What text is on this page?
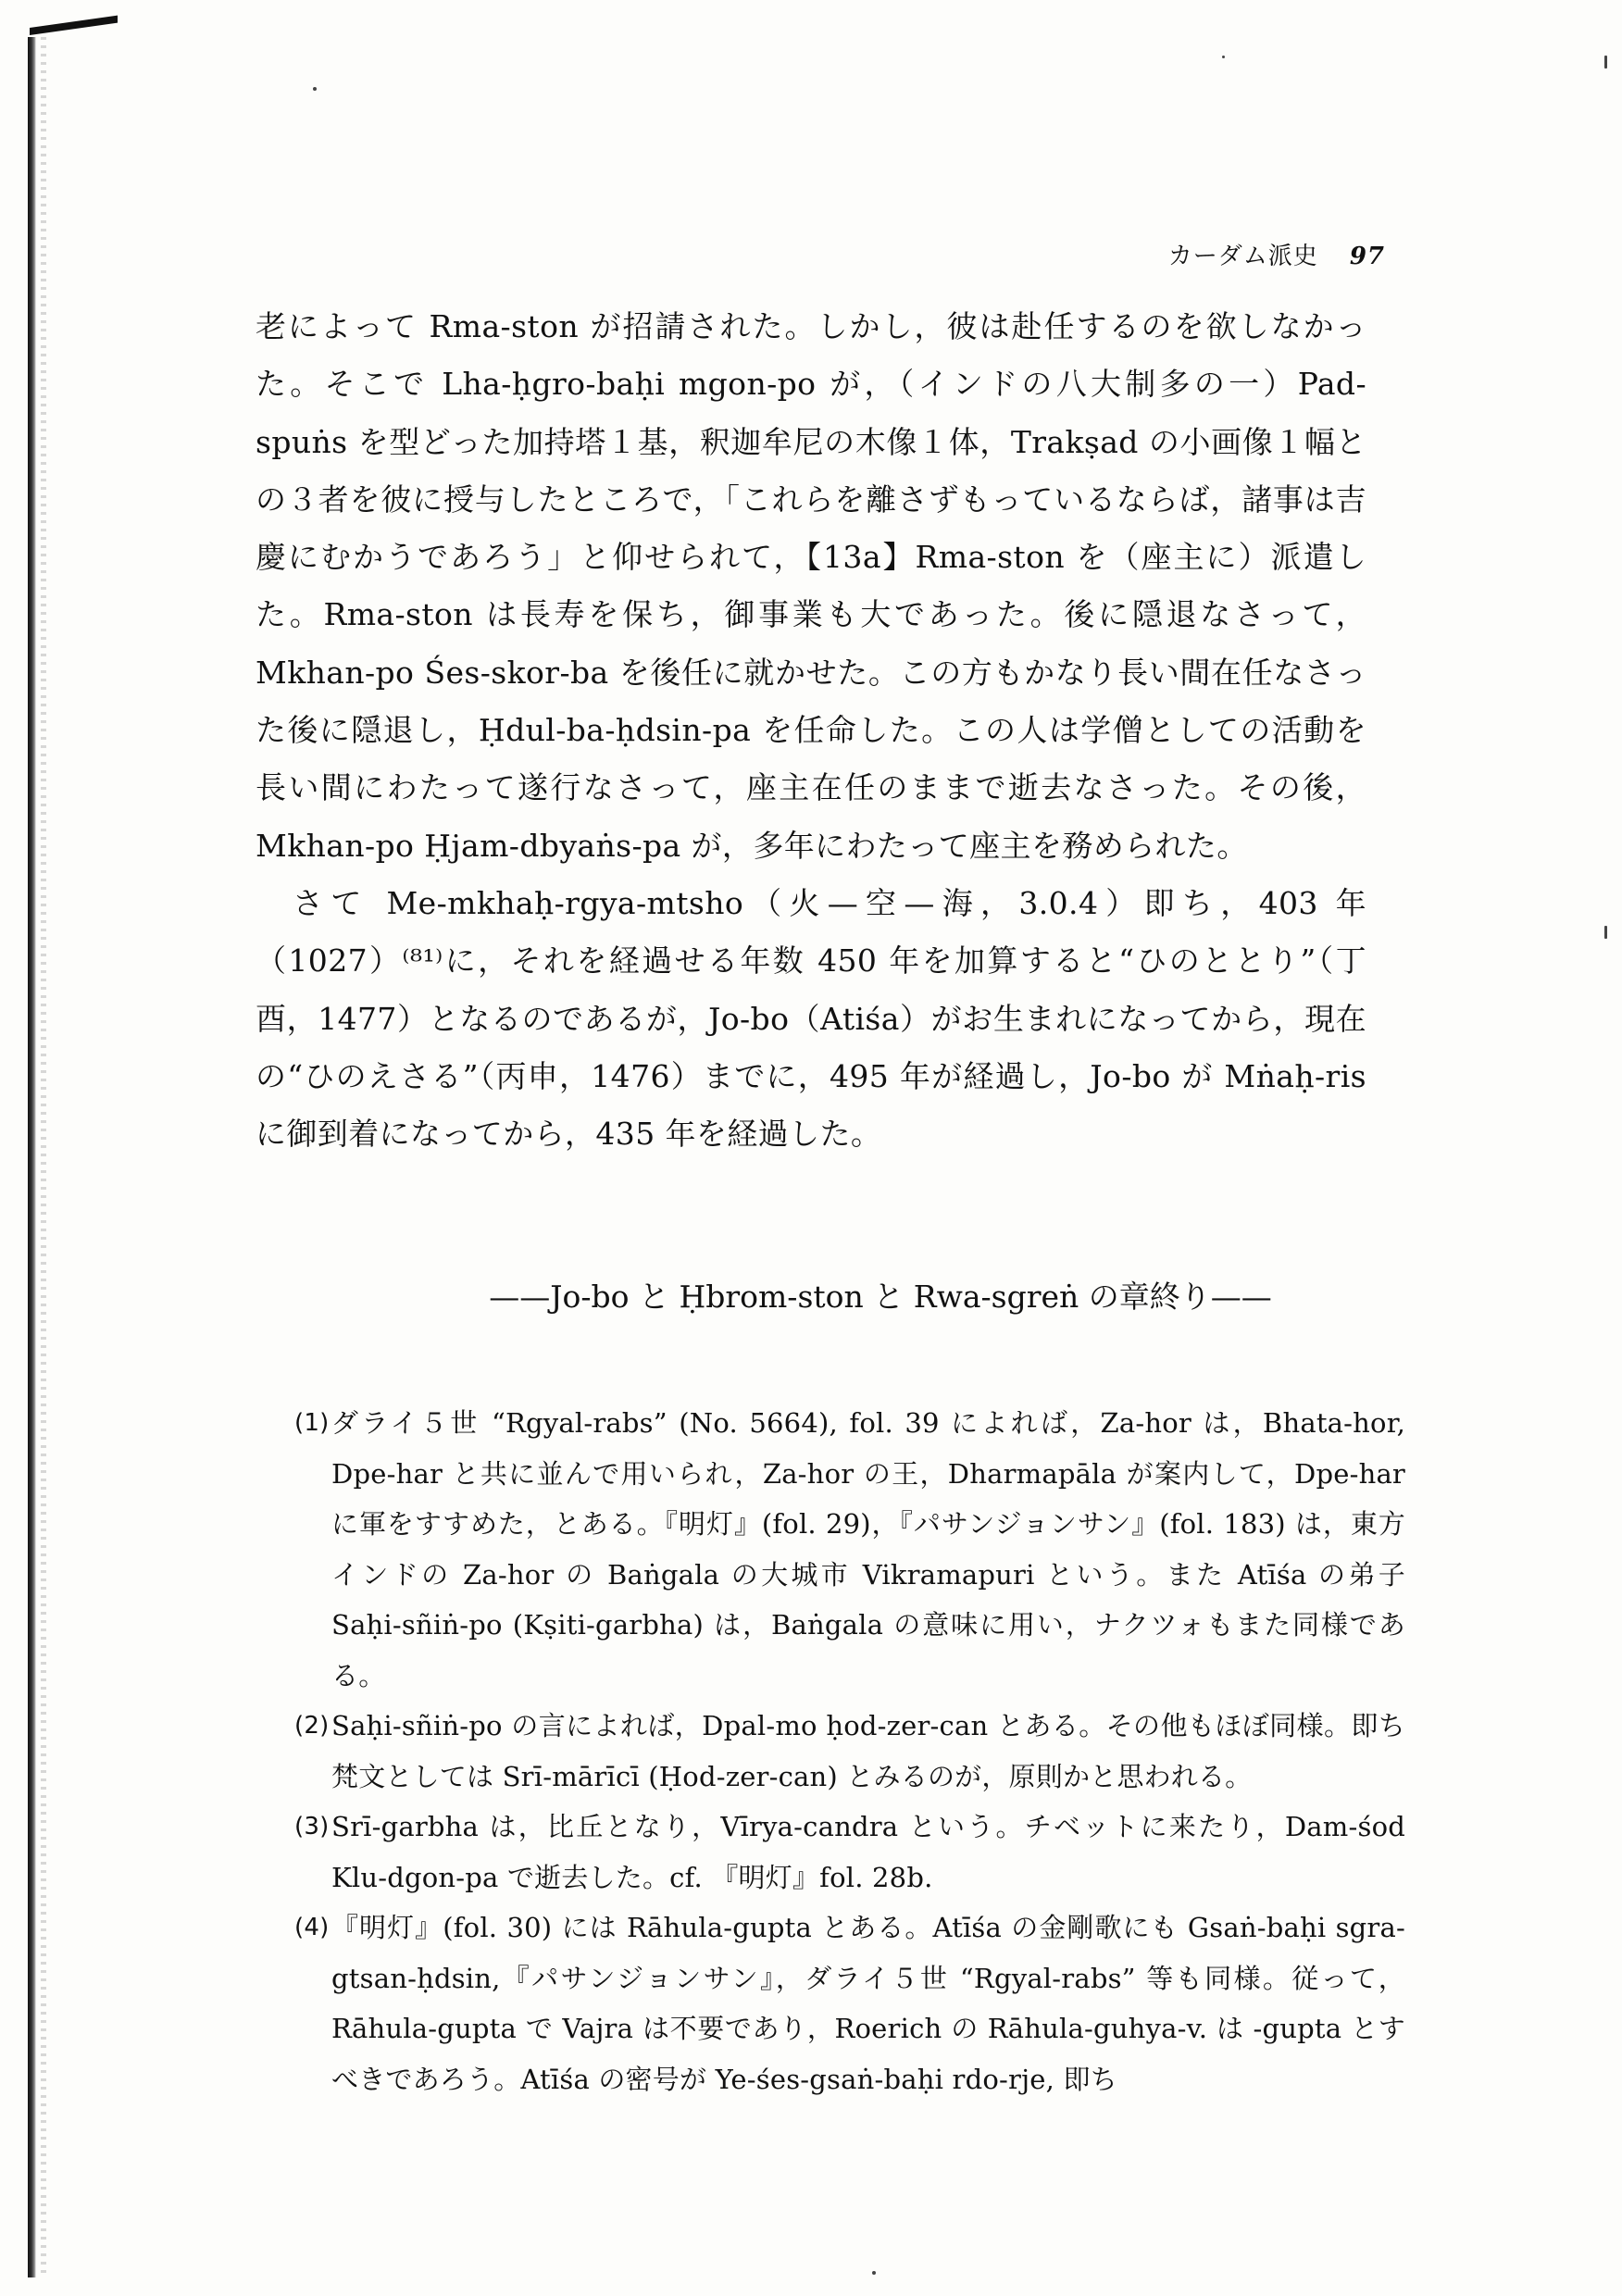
カーダム派史 97

老によって Rma-ston が招請された。しかし，彼は赴任するのを欲しなかった。そこで Lha-ḥgro-baḥi mgon-po が，（インドの八大制多の一）Pad-spuṅs を型どった加持塔１基，釈迦牟尼の木像１体，Trakṣad の小画像１幅との３者を彼に授与したところで，「これらを離さずもっているならば，諸事は吉慶にむかうであろう」と仰せられて，【13a】Rma-ston を（座主に）派遣した。Rma-ston は長寿を保ち，御事業も大であった。後に隠退なさって，Mkhan-po Śes-skor-ba を後任に就かせた。この方もかなり長い間在任なさった後に隠退し，Ḥdul-ba-ḥdsin-pa を任命した。この人は学僧としての活動を長い間にわたって遂行なさって，座主在任のままで逝去なさった。その後，Mkhan-po Ḥjam-dbyaṅs-pa が，多年にわたって座主を務められた。

さて Me-mkhaḥ-rgya-mtsho（火—空—海，3.0.4）即ち，403 年（1027）⁽⁸¹⁾に，それを経過せる年数 450 年を加算すると“ひのととり”（丁酉，1477）となるのであるが，Jo-bo（Atiśa）がお生まれになってから，現在の“ひのえさる”（丙申，1476）までに，495 年が経過し，Jo-bo が Mṅaḥ-ris に御到着になってから，435 年を経過した。

——Jo-bo と Ḥbrom-ston と Rwa-sgreṅ の章終り——
(1) ダライ５世 “Rgyal-rabs” (No. 5664), fol. 39 によれば，Za-hor は，Bhata-hor, Dpe-har と共に並んで用いられ，Za-hor の王，Dharmapāla が案内して，Dpe-har に軍をすすめた，とある。『明灯』(fol. 29)，『パサンジョンサン』(fol. 183) は，東方インドの Za-hor の Baṅgala の大城市 Vikramapuri という。また Atīśa の弟子 Saḥi-sñiṅ-po (Kṣiti-garbha) は，Baṅgala の意味に用い，ナクツォもまた同様である。
(2) Saḥi-sñiṅ-po の言によれば，Dpal-mo ḥod-zer-can とある。その他もほぼ同様。即ち梵文としては Srī-mārīcī (Ḥod-zer-can) とみるのが，原則かと思われる。
(3) Srī-garbha は，比丘となり，Vīrya-candra という。チベットに来たり，Dam-śod Klu-dgon-pa で逝去した。cf. 『明灯』fol. 28b.
(4) 『明灯』(fol. 30) には Rāhula-gupta とある。Atīśa の金剛歌にも Gsaṅ-baḥi sgra-gtsan-ḥdsin,『パサンジョンサン』，ダライ５世 “Rgyal-rabs” 等も同様。従って，Rāhula-gupta で Vajra は不要であり，Roerich の Rāhula-guhya-v. は -gupta とすべきであろう。Atīśa の密号が Ye-śes-gsaṅ-baḥi rdo-rje, 即ち
